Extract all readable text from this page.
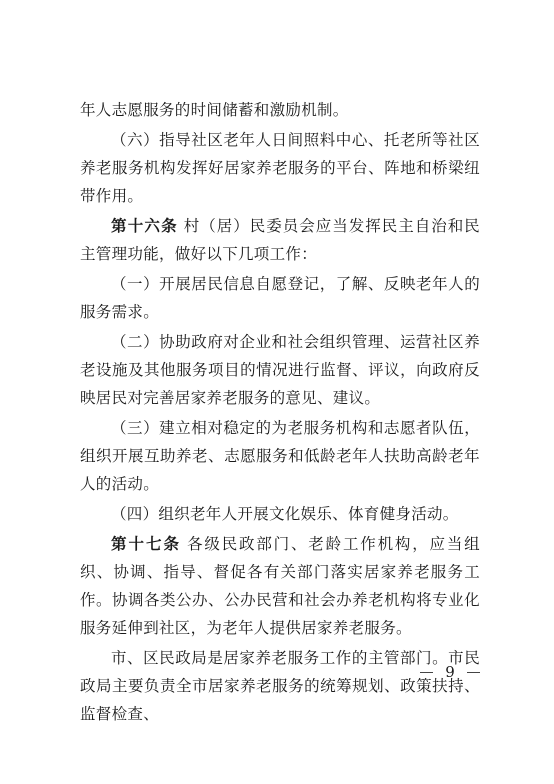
年人志愿服务的时间储蓄和激励机制。

（六）指导社区老年人日间照料中心、托老所等社区养老服务机构发挥好居家养老服务的平台、阵地和桥梁纽带作用。

第十六条 村（居）民委员会应当发挥民主自治和民主管理功能，做好以下几项工作：

（一）开展居民信息自愿登记，了解、反映老年人的服务需求。

（二）协助政府对企业和社会组织管理、运营社区养老设施及其他服务项目的情况进行监督、评议，向政府反映居民对完善居家养老服务的意见、建议。

（三）建立相对稳定的为老服务机构和志愿者队伍，组织开展互助养老、志愿服务和低龄老年人扶助高龄老年人的活动。

（四）组织老年人开展文化娱乐、体育健身活动。

第十七条 各级民政部门、老龄工作机构，应当组织、协调、指导、督促各有关部门落实居家养老服务工作。协调各类公办、公办民营和社会办养老机构将专业化服务延伸到社区，为老年人提供居家养老服务。

市、区民政局是居家养老服务工作的主管部门。市民政局主要负责全市居家养老服务的统筹规划、政策扶持、监督检查、

9
